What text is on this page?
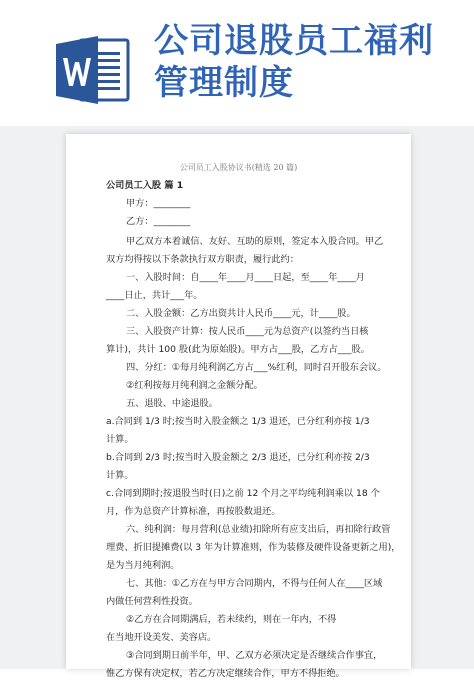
公司退股员工福利
管理制度
公司员工入股协议书(精选 20 篇)
公司员工入股 篇 1
甲方：________
乙方：________
甲乙双方本着诚信、友好、互助的原则，签定本入股合同。甲乙
双方均得按以下条款执行双方职责，履行此约：
一、入股时间：自____年____月____日起，至____年____月
____日止，共计___年。
二、入股金额：乙方出资共计人民币____元，计____股。
三、入股资产计算：按人民币____元为总资产(以签约当日核
算计)，共计 100 股(此为原始股)。甲方占___股，乙方占___股。
四、分红：①每月纯利润乙方占___%红利，同时召开股东会议。
②红利按每月纯利润之金额分配。
五、退股、中途退股。
a.合同到 1/3 时;按当时入股金额之 1/3 退还，已分红利亦按 1/3
计算。
b.合同到 2/3 时;按当时入股金额之 2/3 退还，已分红利亦按 2/3
计算。
c.合同到期时;按退股当时(日)之前 12 个月之平均纯利润乘以 18 个
月，作为总资产计算标准，再按股数退还。
六、纯利润：每月营利(总业绩)扣除所有应支出后，再扣除行政管
理费、折旧提摊费(以 3 年为计算准则，作为装修及硬件设备更新之用)，
是为当月纯利润。
七、其他：①乙方在与甲方合同期内，不得与任何人在____区域
内做任何营利性投资。
②乙方在合同期满后，若未续约，则在一年内，不得
在当地开设美发、美容店。
③合同到期日前半年，甲、乙双方必须决定是否继续合作事宜，
惟乙方保有决定权，若乙方决定继续合作，甲方不得拒绝。
